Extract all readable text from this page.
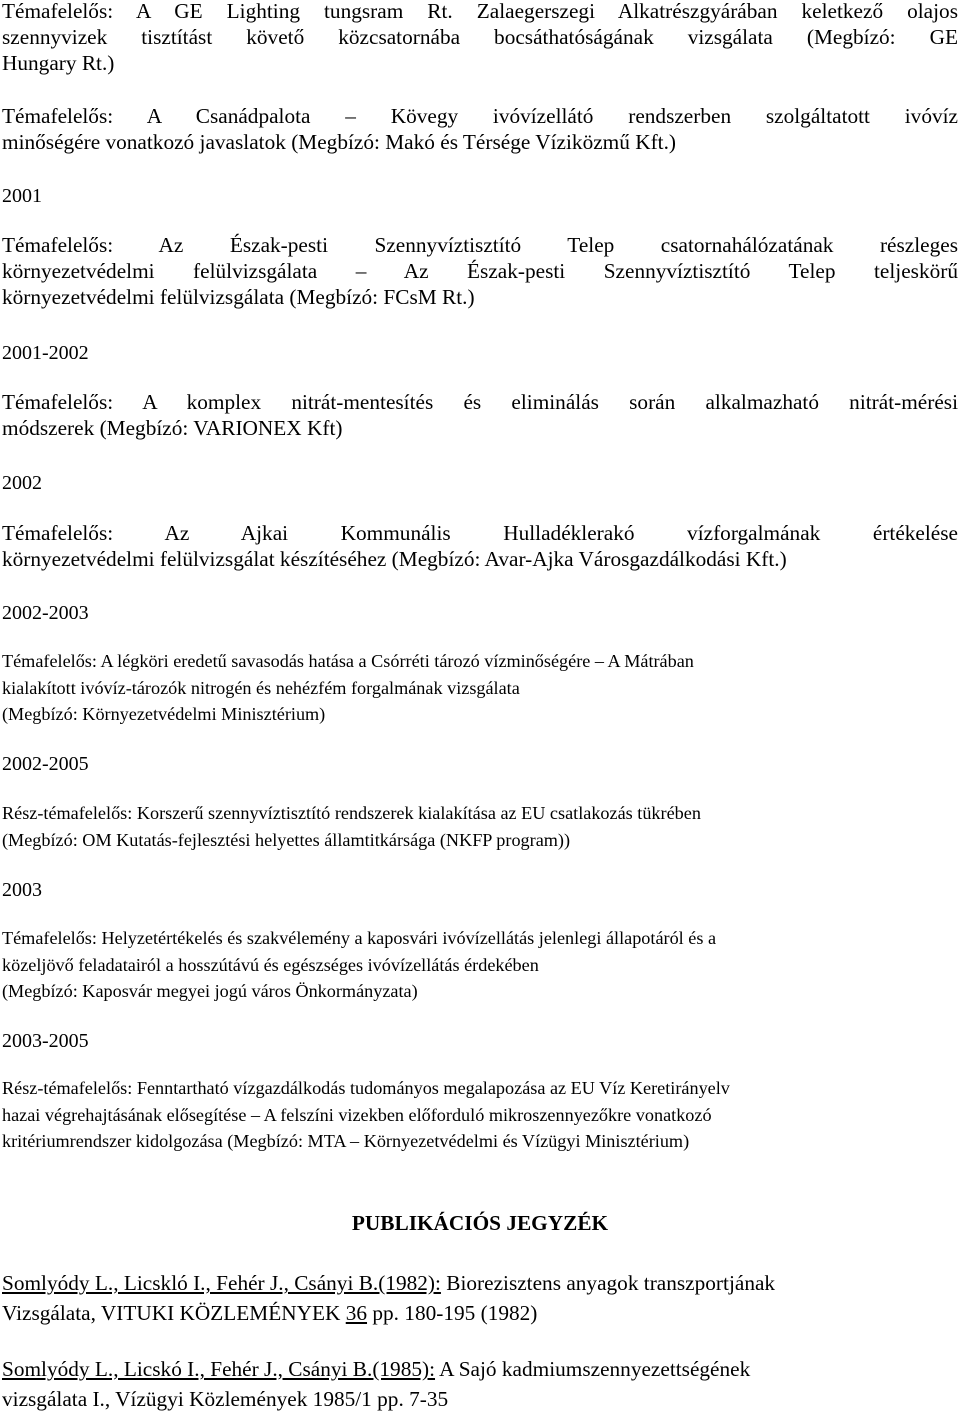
Témafelelős: A GE Lighting tungsram Rt. Zalaegerszegi Alkatrészgyárában keletkező olajos
szennyvizek tisztítást követő közcsatornába bocsáthatóságának vizsgálata (Megbízó: GE
Hungary Rt.)
Témafelelős: A Csanádpalota – Kövegy ivóvízellátó rendszerben szolgáltatott ivóvíz
minőségére vonatkozó javaslatok (Megbízó: Makó és Térsége Víziközmű Kft.)
2001
Témafelelős: Az Észak-pesti Szennyvíztisztító Telep csatornahálózatának részleges
környezetvédelmi felülvizsgálata – Az Észak-pesti Szennyvíztisztító Telep teljeskörű
környezetvédelmi felülvizsgálata (Megbízó: FCsM Rt.)
2001-2002
Témafelelős: A komplex nitrát-mentesítés és eliminálás során alkalmazható nitrát-mérési
módszerek (Megbízó: VARIONEX Kft)
2002
Témafelelős: Az Ajkai Kommunális Hulladéklerakó vízforgalmának értékelése
környezetvédelmi felülvizsgálat készítéséhez (Megbízó: Avar-Ajka Városgazdálkodási Kft.)
2002-2003
Témafelelős: A légköri eredetű savasodás hatása a Csórréti tározó vízminőségére – A Mátrában
kialakított ivóvíz-tározók nitrogén és nehézfém forgalmának vizsgálata
(Megbízó: Környezetvédelmi Minisztérium)
2002-2005
Rész-témafelelős: Korszerű szennyvíztisztító rendszerek kialakítása az EU csatlakozás tükrében
(Megbízó: OM Kutatás-fejlesztési helyettes államtitkársága (NKFP program))
2003
Témafelelős: Helyzetértékelés és szakvélemény a kaposvári ivóvízellátás jelenlegi állapotáról és a
közeljövő feladatairól a hosszútávú és egészséges ivóvízellátás érdekében
(Megbízó: Kaposvár megyei jogú város Önkormányzata)
2003-2005
Rész-témafelelős: Fenntartható vízgazdálkodás tudományos megalapozása az EU Víz Keretirányelv
hazai végrehajtásának elősegítése – A felszíni vizekben előforduló mikroszennyezőkre vonatkozó
kritériumrendszer kidolgozása (Megbízó: MTA – Környezetvédelmi és Vízügyi Minisztérium)
PUBLIKÁCIÓS JEGYZÉK
Somlyódy L., Licskló I., Fehér J., Csányi B.(1982): Biorezisztens anyagok transzportjának
Vizsgálata, VITUKI KÖZLEMÉNYEK 36 pp. 180-195 (1982)
Somlyódy L., Licskó I., Fehér J., Csányi B.(1985): A Sajó kadmiumszennyezettségének
vizsgálata I., Vízügyi Közlemények 1985/1 pp. 7-35
